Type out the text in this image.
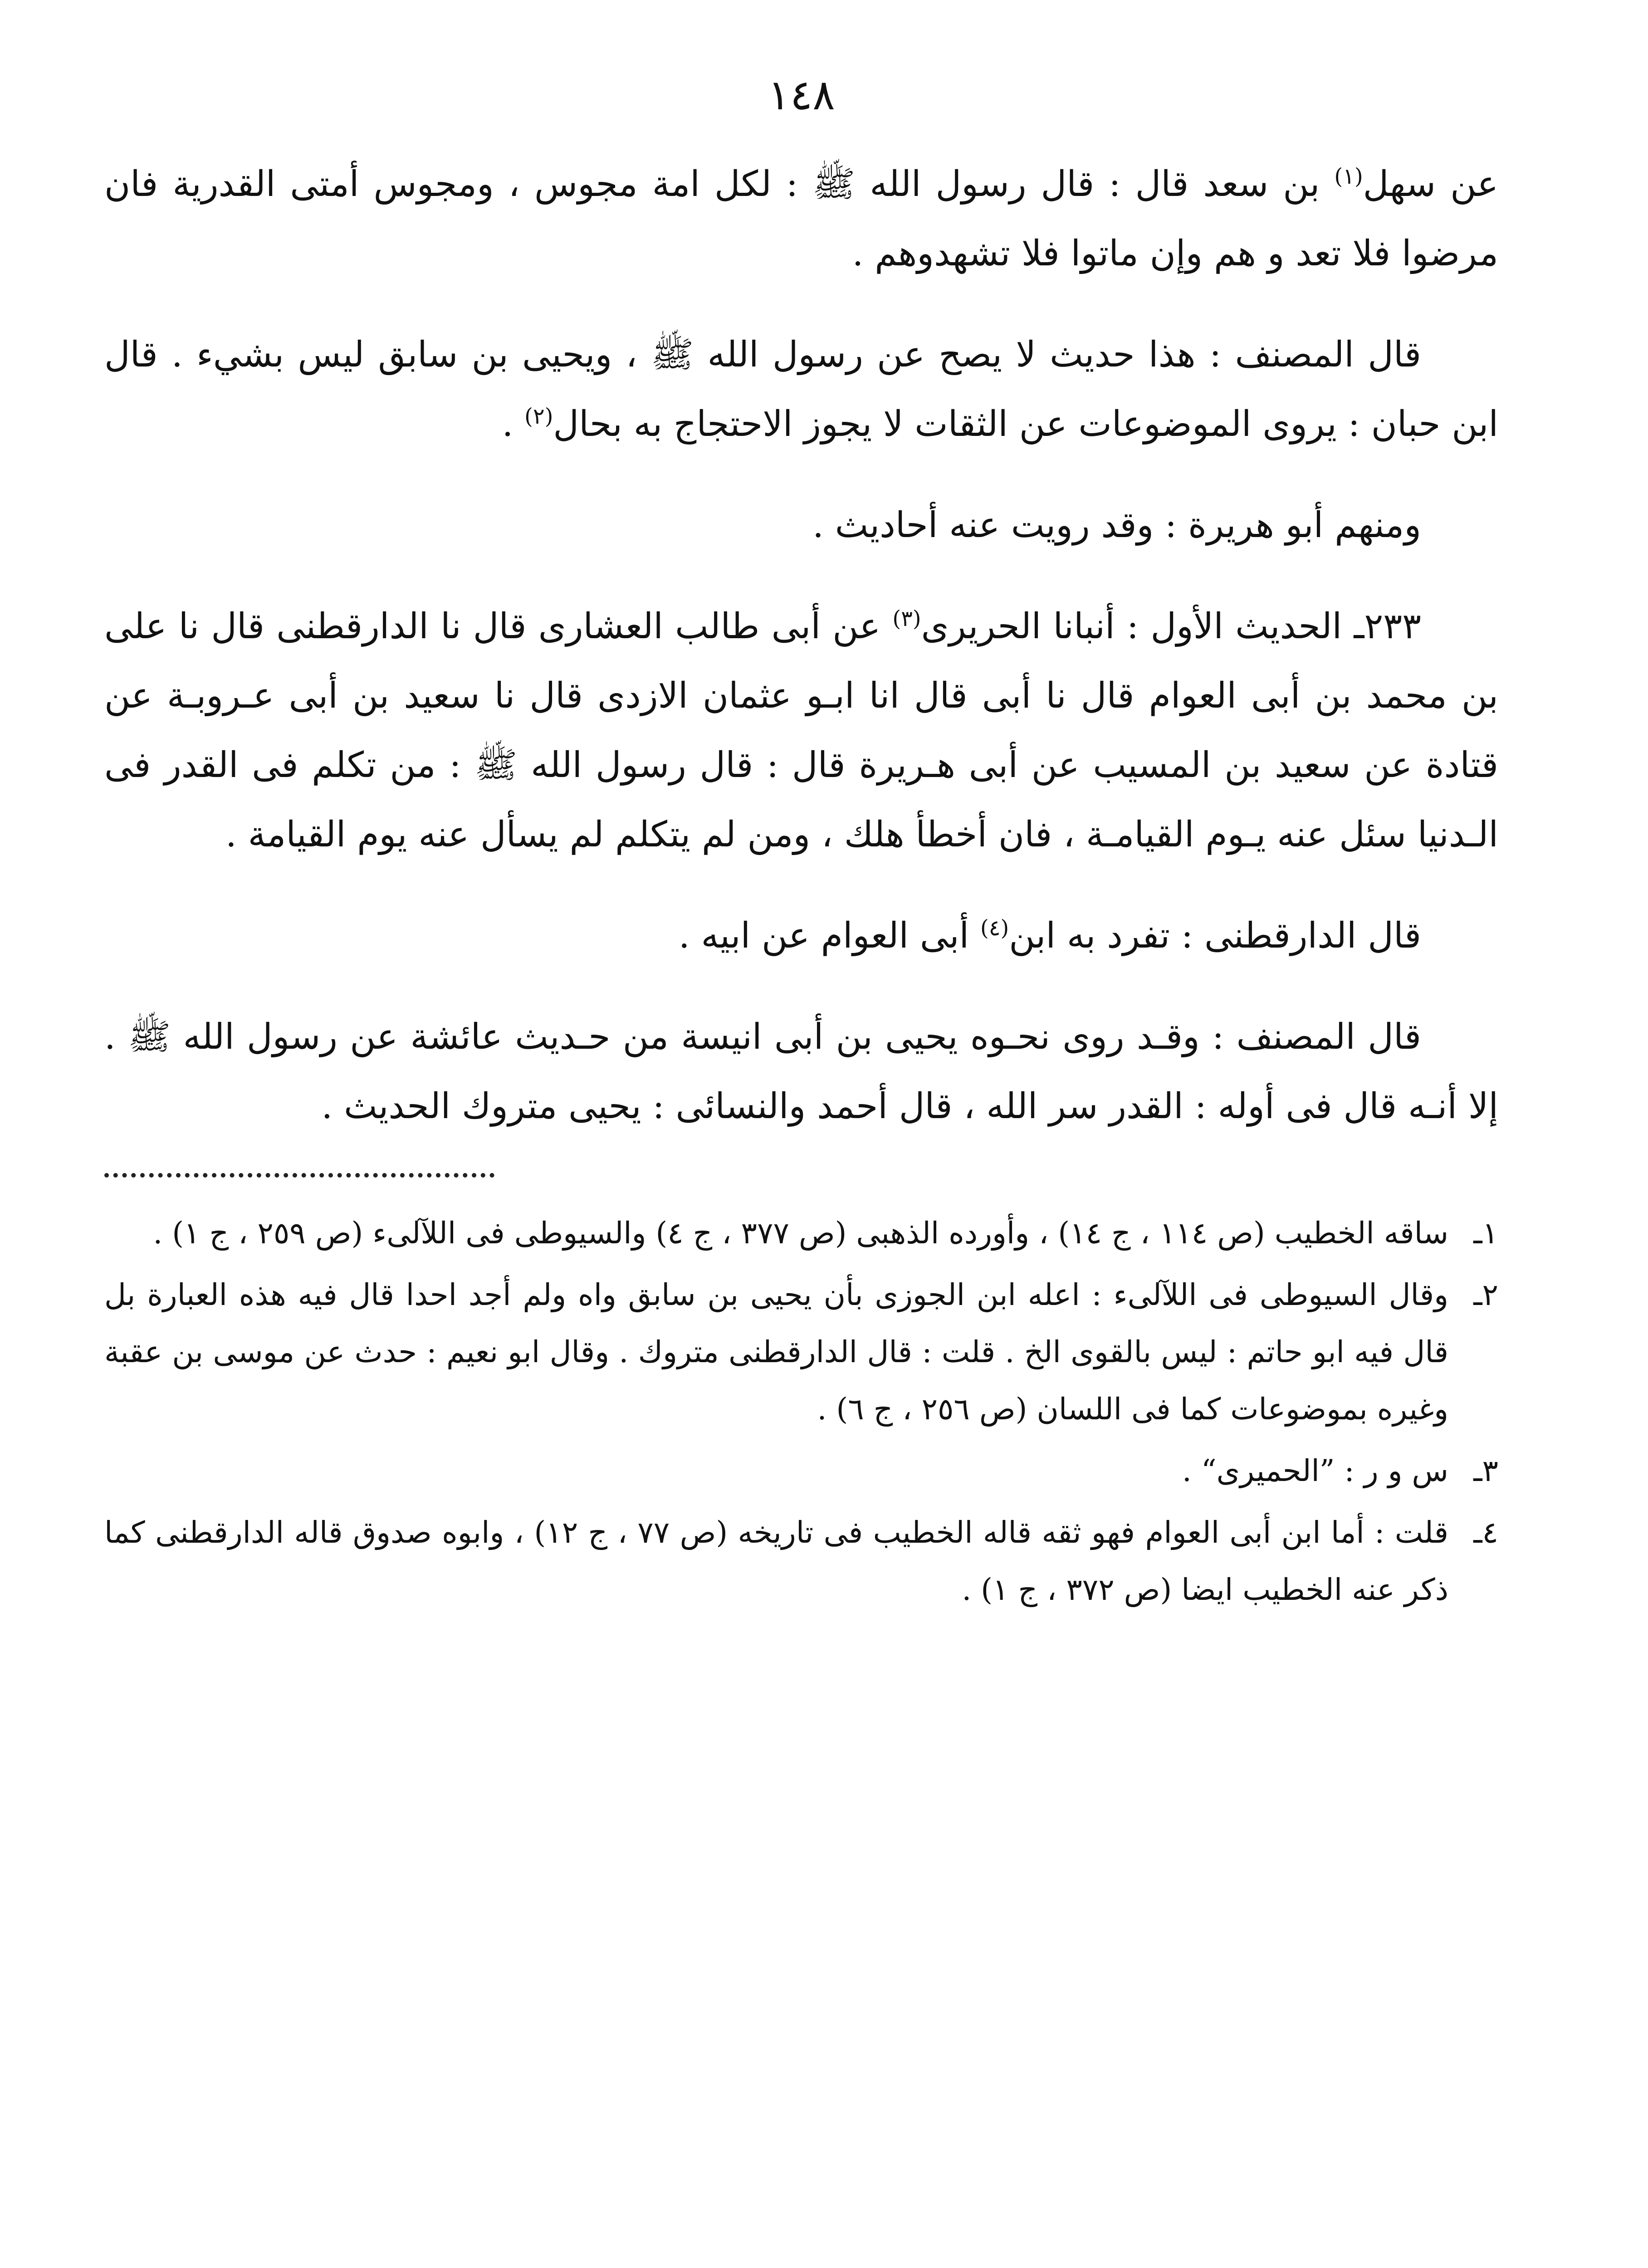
١٤٨

عن سهل$^{(١)}$ بن سعد قال : قال رسول الله ﷺ : لكل امة مجوس ، ومجوس أمتى القدرية فان مرضوا فلا تعد و هم وإن ماتوا فلا تشهدوهم .

قال المصنف : هذا حديث لا يصح عن رسول الله ﷺ ، ويحيى بن سابق ليس بشيء . قال ابن حبان : يروى الموضوعات عن الثقات لا يجوز الاحتجاج به بحال$^{(٢)}$ .

ومنهم أبو هريرة : وقد رويت عنه أحاديث .

٢٣٣ـ الحديث الأول : أنبانا الحريرى$^{(٣)}$ عن أبى طالب العشارى قال نا الدارقطنى قال نا على بن محمد بن أبى العوام قال نا أبى قال انا ابـو عثمان الازدى قال نا سعيد بن أبى عـروبـة عن قتادة عن سعيد بن المسيب عن أبى هـريرة قال : قال رسول الله ﷺ : من تكلم فى القدر فى الـدنيا سئل عنه يـوم القيامـة ، فان أخطأ هلك ، ومن لم يتكلم لم يسأل عنه يوم القيامة .

قال الدارقطنى : تفرد به ابن$^{(٤)}$ أبى العوام عن ابيه .

قال المصنف : وقـد روى نحـوه يحيى بن أبى انيسة من حـديث عائشة عن رسول الله ﷺ . إلا أنـه قال فى أوله : القدر سر الله ، قال أحمد والنسائى : يحيى متروك الحديث .

١ـ
ساقه الخطيب (ص ١١٤ ، ج ١٤) ، وأورده الذهبى (ص ٣٧٧ ، ج ٤) والسيوطى فى اللآلىء (ص ٢٥٩ ، ج ١) .
٢ـ
وقال السيوطى فى اللآلىء : اعله ابن الجوزى بأن يحيى بن سابق واه ولم أجد احدا قال فيه هذه العبارة بل قال فيه ابو حاتم : ليس بالقوى الخ . قلت : قال الدارقطنى متروك . وقال ابو نعيم : حدث عن موسى بن عقبة وغيره بموضوعات كما فى اللسان (ص ٢٥٦ ، ج ٦) .
٣ـ
س و ر : ”الحميرى“ .
٤ـ
قلت : أما ابن أبى العوام فهو ثقه قاله الخطيب فى تاريخه (ص ٧٧ ، ج ١٢) ، وابوه صدوق قاله الدارقطنى كما ذكر عنه الخطيب ايضا (ص ٣٧٢ ، ج ١) .
